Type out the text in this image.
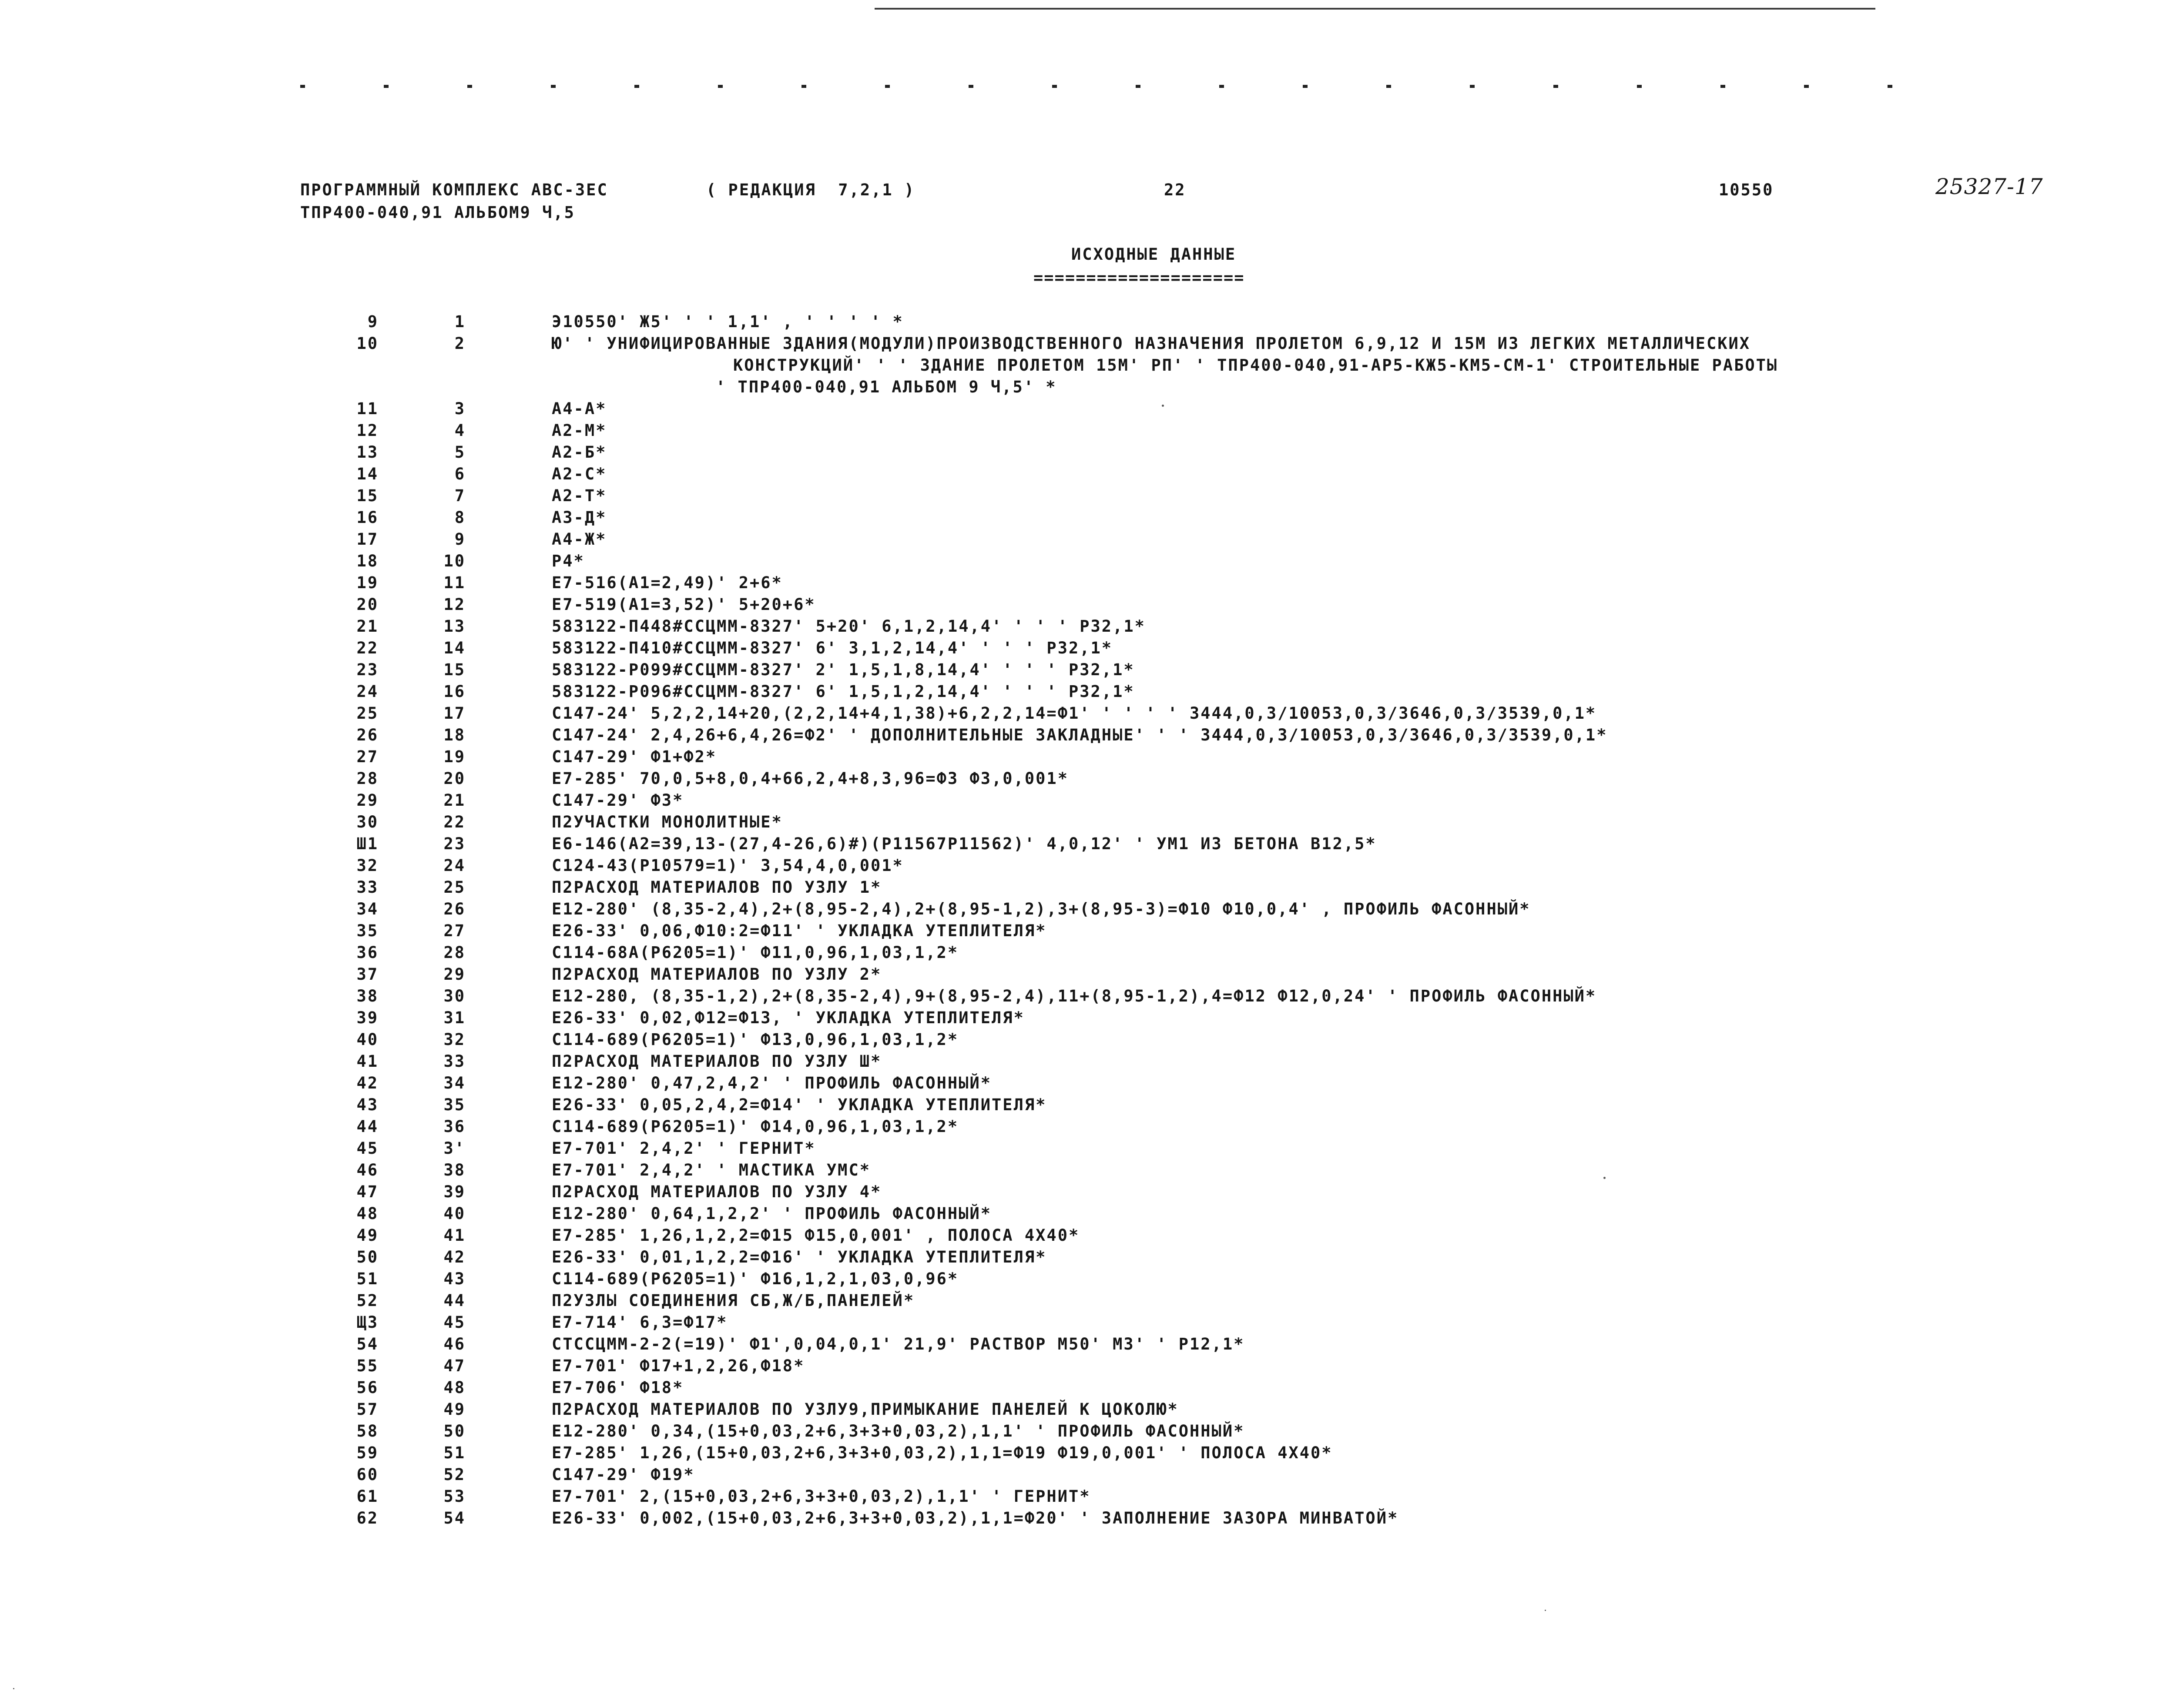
ПРОГРАММНЫЙ КОМПЛЕКС АВС-3ЕС	( РЕДАКЦИЯ  7,2,1 )	22	10550	25327-17
ТПР400-040,91 АЛЬБОМ9 Ч,5
ИСХОДНЫЕ ДАННЫЕ
====================
9	1	Э10550' Ж5' ' ' 1,1' , ' ' ' ' *
10	2	Ю' ' УНИФИЦИРОВАННЫЕ ЗДАНИЯ(МОДУЛИ)ПРОИЗВОДСТВЕННОГО НАЗНАЧЕНИЯ ПРОЛЕТОМ 6,9,12 И 15М ИЗ ЛЕГКИХ МЕТАЛЛИЧЕСКИХ
КОНСТРУКЦИЙ' ' ' ЗДАНИЕ ПРОЛЕТОМ 15М' РП' ' ТПР400-040,91-АР5-КЖ5-КМ5-СМ-1' СТРОИТЕЛЬНЫЕ РАБОТЫ
' ТПР400-040,91 АЛЬБОМ 9 Ч,5' *
11	3	А4-А*
12	4	А2-М*
13	5	А2-Б*
14	6	А2-С*
15	7	А2-Т*
16	8	А3-Д*
17	9	А4-Ж*
18	10	Р4*
19	11	Е7-516(А1=2,49)' 2+6*
20	12	Е7-519(А1=3,52)' 5+20+6*
21	13	583122-П448#ССЦММ-8327' 5+20' 6,1,2,14,4' ' ' ' Р32,1*
22	14	583122-П410#ССЦММ-8327' 6' 3,1,2,14,4' ' ' ' Р32,1*
23	15	583122-Р099#ССЦММ-8327' 2' 1,5,1,8,14,4' ' ' ' Р32,1*
24	16	583122-Р096#ССЦММ-8327' 6' 1,5,1,2,14,4' ' ' ' Р32,1*
25	17	С147-24' 5,2,2,14+20,(2,2,14+4,1,38)+6,2,2,14=Ф1' ' ' ' ' 3444,0,3/10053,0,3/3646,0,3/3539,0,1*
26	18	С147-24' 2,4,26+6,4,26=Ф2' ' ДОПОЛНИТЕЛЬНЫЕ ЗАКЛАДНЫЕ' ' ' 3444,0,3/10053,0,3/3646,0,3/3539,0,1*
27	19	С147-29' Ф1+Ф2*
28	20	Е7-285' 70,0,5+8,0,4+66,2,4+8,3,96=Ф3 Ф3,0,001*
29	21	С147-29' Ф3*
30	22	П2УЧАСТКИ МОНОЛИТНЫЕ*
Ш1	23	Е6-146(А2=39,13-(27,4-26,6)#)(Р11567Р11562)' 4,0,12' ' УМ1 ИЗ БЕТОНА В12,5*
32	24	С124-43(Р10579=1)' 3,54,4,0,001*
33	25	П2РАСХОД МАТЕРИАЛОВ ПО УЗЛУ 1*
34	26	Е12-280' (8,35-2,4),2+(8,95-2,4),2+(8,95-1,2),3+(8,95-3)=Ф10 Ф10,0,4' , ПРОФИЛЬ ФАСОННЫЙ*
35	27	Е26-33' 0,06,Ф10:2=Ф11' ' УКЛАДКА УТЕПЛИТЕЛЯ*
36	28	С114-68А(Р6205=1)' Ф11,0,96,1,03,1,2*
37	29	П2РАСХОД МАТЕРИАЛОВ ПО УЗЛУ 2*
38	30	Е12-280, (8,35-1,2),2+(8,35-2,4),9+(8,95-2,4),11+(8,95-1,2),4=Ф12 Ф12,0,24' ' ПРОФИЛЬ ФАСОННЫЙ*
39	31	Е26-33' 0,02,Ф12=Ф13, ' УКЛАДКА УТЕПЛИТЕЛЯ*
40	32	С114-689(Р6205=1)' Ф13,0,96,1,03,1,2*
41	33	П2РАСХОД МАТЕРИАЛОВ ПО УЗЛУ Ш*
42	34	Е12-280' 0,47,2,4,2' ' ПРОФИЛЬ ФАСОННЫЙ*
43	35	Е26-33' 0,05,2,4,2=Ф14' ' УКЛАДКА УТЕПЛИТЕЛЯ*
44	36	С114-689(Р6205=1)' Ф14,0,96,1,03,1,2*
45	3'	Е7-701' 2,4,2' ' ГЕРНИТ*
46	38	Е7-701' 2,4,2' ' МАСТИКА УМС*
47	39	П2РАСХОД МАТЕРИАЛОВ ПО УЗЛУ 4*
48	40	Е12-280' 0,64,1,2,2' ' ПРОФИЛЬ ФАСОННЫЙ*
49	41	Е7-285' 1,26,1,2,2=Ф15 Ф15,0,001' , ПОЛОСА 4Х40*
50	42	Е26-33' 0,01,1,2,2=Ф16' ' УКЛАДКА УТЕПЛИТЕЛЯ*
51	43	С114-689(Р6205=1)' Ф16,1,2,1,03,0,96*
52	44	П2УЗЛЫ СОЕДИНЕНИЯ СБ,Ж/Б,ПАНЕЛЕЙ*
Щ3	45	Е7-714' 6,3=Ф17*
54	46	СТССЦММ-2-2(=19)' Ф1',0,04,0,1' 21,9' РАСТВОР М50' М3' ' Р12,1*
55	47	Е7-701' Ф17+1,2,26,Ф18*
56	48	Е7-706' Ф18*
57	49	П2РАСХОД МАТЕРИАЛОВ ПО УЗЛУ9,ПРИМЫКАНИЕ ПАНЕЛЕЙ К ЦОКОЛЮ*
58	50	Е12-280' 0,34,(15+0,03,2+6,3+3+0,03,2),1,1' ' ПРОФИЛЬ ФАСОННЫЙ*
59	51	Е7-285' 1,26,(15+0,03,2+6,3+3+0,03,2),1,1=Ф19 Ф19,0,001' ' ПОЛОСА 4Х40*
60	52	С147-29' Ф19*
61	53	Е7-701' 2,(15+0,03,2+6,3+3+0,03,2),1,1' ' ГЕРНИТ*
62	54	Е26-33' 0,002,(15+0,03,2+6,3+3+0,03,2),1,1=Ф20' ' ЗАПОЛНЕНИЕ ЗАЗОРА МИНВАТОЙ*
